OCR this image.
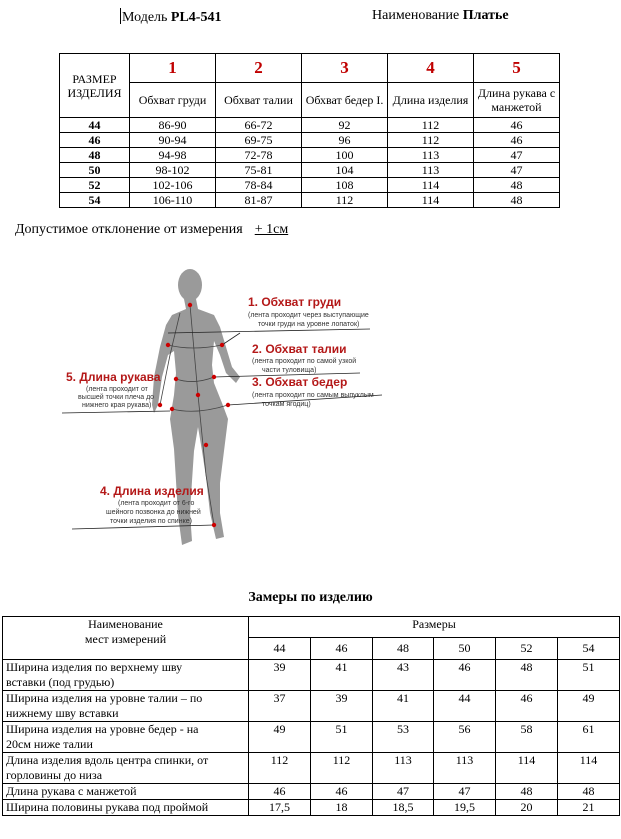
Модель PL4-541	Наименование Платье
РАЗМЕР ИЗДЕЛИЯ	1	2	3	4	5
	Обхват груди	Обхват талии	Обхват бедер I.	Длина изделия	Длина рукава с манжетой
44	86-90	66-72	92	112	46
46	90-94	69-75	96	112	46
48	94-98	72-78	100	113	47
50	98-102	75-81	104	113	47
52	102-106	78-84	108	114	48
54	106-110	81-87	112	114	48
Допустимое отклонение от измерения + 1см
1. Обхват груди
(лента проходит через выступающие
точки груди на уровне лопаток)
2. Обхват талии
(лента проходит по самой узкой
части туловища)
3. Обхват бедер
(лента проходит по самым выпуклым
точкам ягодиц)
5. Длина рукава
(лента проходит от
высшей точки плеча до
нижнего края рукава)
4. Длина изделия
(лента проходит от 6-го
шейного позвонка до нижней
точки изделия по спинке)
Замеры по изделию
Наименование
мест измерений	Размеры					
	44	46	48	50	52	54

Ширина изделия по верхнему шву
вставки (под грудью)	39	41	43	46	48	51

Ширина изделия на уровне талии – по
нижнему шву вставки	37	39	41	44	46	49

Ширина изделия на уровне бедер - на
20см ниже талии	49	51	53	56	58	61

Длина изделия вдоль центра спинки, от
горловины до низа	112	112	113	113	114	114
Длина рукава с манжетой	46	46	47	47	48	48
Ширина половины рукава под проймой	17,5	18	18,5	19,5	20	21
